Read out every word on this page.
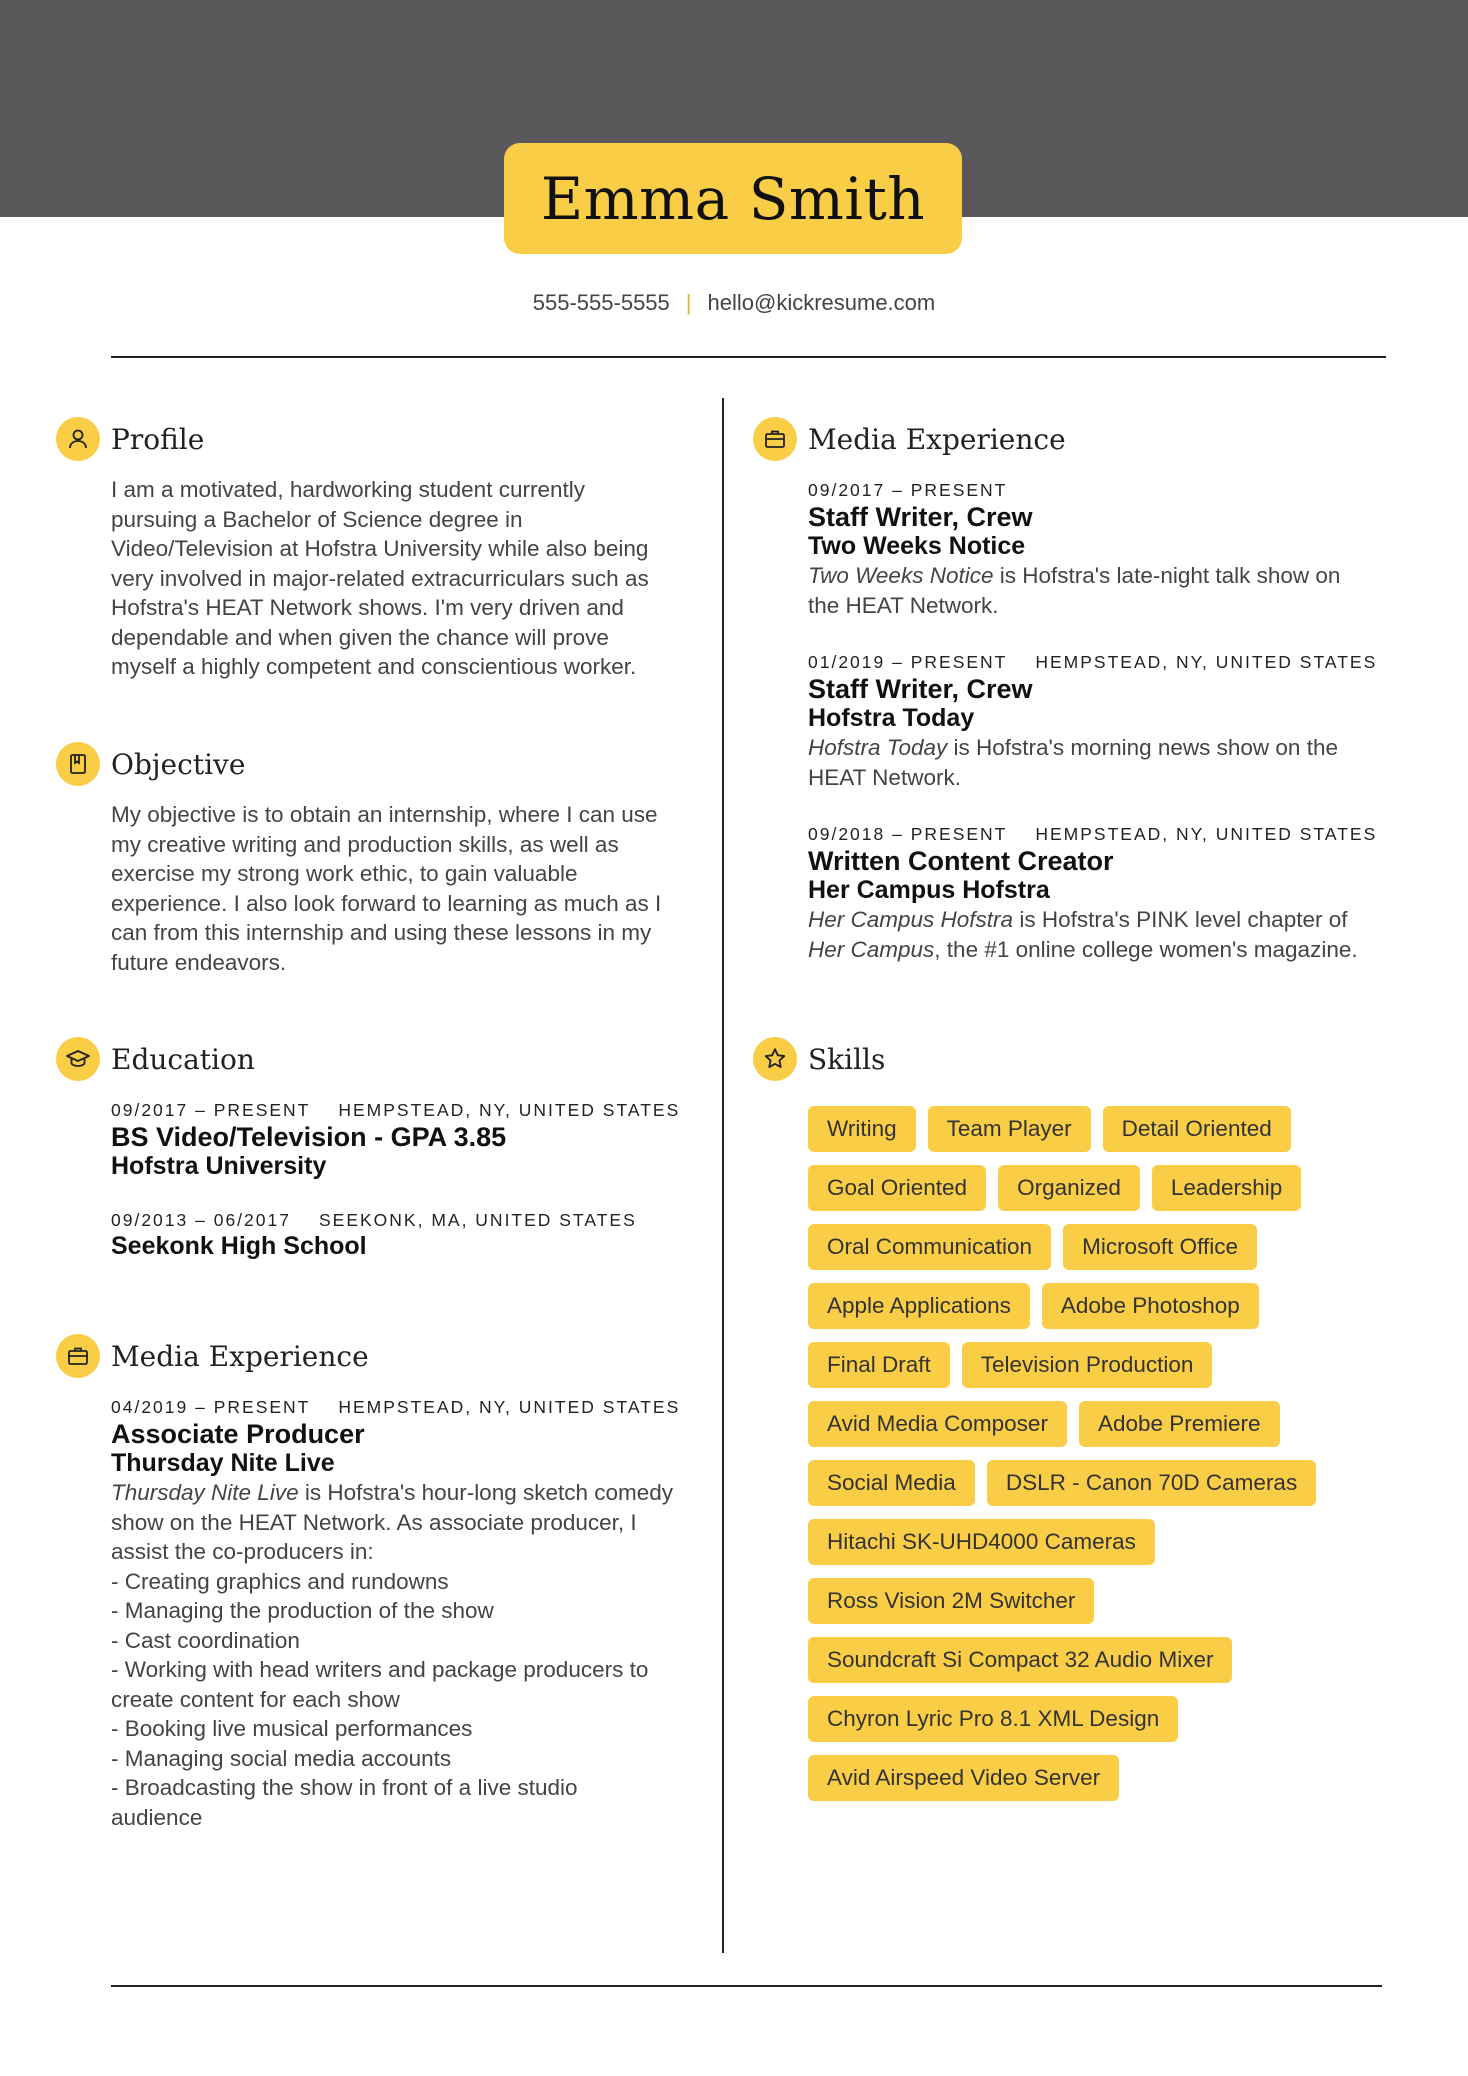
Emma Smith
555-555-5555 | hello@kickresume.com
Profile
I am a motivated, hardworking student currently
pursuing a Bachelor of Science degree in
Video/Television at Hofstra University while also being
very involved in major-related extracurriculars such as
Hofstra's HEAT Network shows. I'm very driven and
dependable and when given the chance will prove
myself a highly competent and conscientious worker.
Objective
My objective is to obtain an internship, where I can use
my creative writing and production skills, as well as
exercise my strong work ethic, to gain valuable
experience. I also look forward to learning as much as I
can from this internship and using these lessons in my
future endeavors.
Education
09/2017 – PRESENT HEMPSTEAD, NY, UNITED STATES
BS Video/Television - GPA 3.85
Hofstra University
09/2013 – 06/2017 SEEKONK, MA, UNITED STATES
Seekonk High School
Media Experience
04/2019 – PRESENT HEMPSTEAD, NY, UNITED STATES
Associate Producer
Thursday Nite Live
Thursday Nite Live is Hofstra's hour-long sketch comedy
show on the HEAT Network. As associate producer, I
assist the co-producers in:
- Creating graphics and rundowns
- Managing the production of the show
- Cast coordination
- Working with head writers and package producers to
create content for each show
- Booking live musical performances
- Managing social media accounts
- Broadcasting the show in front of a live studio
audience
Media Experience
09/2017 – PRESENT
Staff Writer, Crew
Two Weeks Notice
Two Weeks Notice is Hofstra's late-night talk show on
the HEAT Network.
01/2019 – PRESENT HEMPSTEAD, NY, UNITED STATES
Staff Writer, Crew
Hofstra Today
Hofstra Today is Hofstra's morning news show on the
HEAT Network.
09/2018 – PRESENT HEMPSTEAD, NY, UNITED STATES
Written Content Creator
Her Campus Hofstra
Her Campus Hofstra is Hofstra's PINK level chapter of Her Campus, the #1 online college women's magazine.
Skills
Writing	Team Player	Detail Oriented
Goal Oriented	Organized	Leadership
Oral Communication	Microsoft Office
Apple Applications	Adobe Photoshop
Final Draft	Television Production
Avid Media Composer	Adobe Premiere
Social Media	DSLR - Canon 70D Cameras
Hitachi SK-UHD4000 Cameras
Ross Vision 2M Switcher
Soundcraft Si Compact 32 Audio Mixer
Chyron Lyric Pro 8.1 XML Design
Avid Airspeed Video Server
